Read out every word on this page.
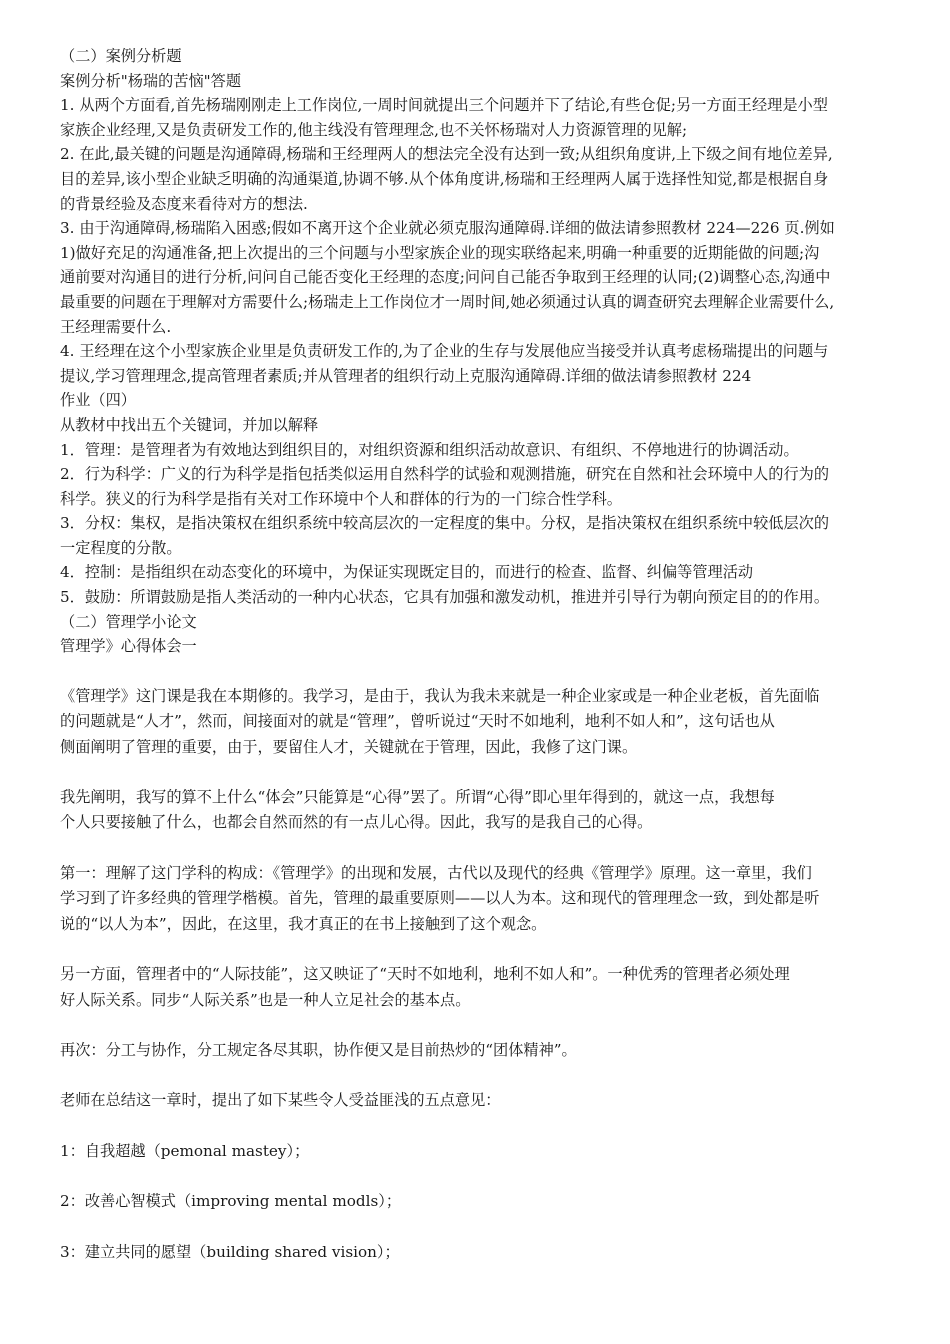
（二）案例分析题
案例分析"杨瑞的苦恼"答题
1. 从两个方面看,首先杨瑞刚刚走上工作岗位,一周时间就提出三个问题并下了结论,有些仓促;另一方面王经理是小型
家族企业经理,又是负责研发工作的,他主线没有管理理念,也不关怀杨瑞对人力资源管理的见解;
2. 在此,最关键的问题是沟通障碍,杨瑞和王经理两人的想法完全没有达到一致;从组织角度讲,上下级之间有地位差异,
目的差异,该小型企业缺乏明确的沟通渠道,协调不够.从个体角度讲,杨瑞和王经理两人属于选择性知觉,都是根据自身
的背景经验及态度来看待对方的想法.
3. 由于沟通障碍,杨瑞陷入困惑;假如不离开这个企业就必须克服沟通障碍.详细的做法请参照教材 224—226 页.例如
1)做好充足的沟通准备,把上次提出的三个问题与小型家族企业的现实联络起来,明确一种重要的近期能做的问题;沟
通前要对沟通目的进行分析,问问自己能否变化王经理的态度;问问自己能否争取到王经理的认同;(2)调整心态,沟通中
最重要的问题在于理解对方需要什么;杨瑞走上工作岗位才一周时间,她必须通过认真的调查研究去理解企业需要什么,
王经理需要什么.
4. 王经理在这个小型家族企业里是负责研发工作的,为了企业的生存与发展他应当接受并认真考虑杨瑞提出的问题与
提议,学习管理理念,提高管理者素质;并从管理者的组织行动上克服沟通障碍.详细的做法请参照教材 224
作业（四）
从教材中找出五个关键词，并加以解释
1．管理：是管理者为有效地达到组织目的，对组织资源和组织活动故意识、有组织、不停地进行的协调活动。
2．行为科学：广义的行为科学是指包括类似运用自然科学的试验和观测措施，研究在自然和社会环境中人的行为的
科学。狭义的行为科学是指有关对工作环境中个人和群体的行为的一门综合性学科。
3．分权：集权，是指决策权在组织系统中较高层次的一定程度的集中。分权，是指决策权在组织系统中较低层次的
一定程度的分散。
4．控制：是指组织在动态变化的环境中，为保证实现既定目的，而进行的检查、监督、纠偏等管理活动
5．鼓励：所谓鼓励是指人类活动的一种内心状态，它具有加强和激发动机，推进并引导行为朝向预定目的的作用。
（二）管理学小论文
管理学》心得体会一
《管理学》这门课是我在本期修的。我学习，是由于，我认为我未来就是一种企业家或是一种企业老板，首先面临
的问题就是“人才”，然而，间接面对的就是“管理”，曾听说过“天时不如地利，地利不如人和”，这句话也从
侧面阐明了管理的重要，由于，要留住人才，关键就在于管理，因此，我修了这门课。
我先阐明，我写的算不上什么“体会”只能算是“心得”罢了。所谓“心得”即心里年得到的，就这一点，我想每
个人只要接触了什么，也都会自然而然的有一点儿心得。因此，我写的是我自己的心得。
第一：理解了这门学科的构成：《管理学》的出现和发展，古代以及现代的经典《管理学》原理。这一章里，我们
学习到了许多经典的管理学楷模。首先，管理的最重要原则——以人为本。这和现代的管理理念一致，到处都是听
说的“以人为本”，因此，在这里，我才真正的在书上接触到了这个观念。
另一方面，管理者中的“人际技能”，这又映证了“天时不如地利，地利不如人和”。一种优秀的管理者必须处理
好人际关系。同步“人际关系”也是一种人立足社会的基本点。
再次：分工与协作，分工规定各尽其职，协作便又是目前热炒的“团体精神”。
老师在总结这一章时，提出了如下某些令人受益匪浅的五点意见：
1：自我超越（pemonal mastey）；
2：改善心智模式（improving mental modls）；
3：建立共同的愿望（building shared vision）；
